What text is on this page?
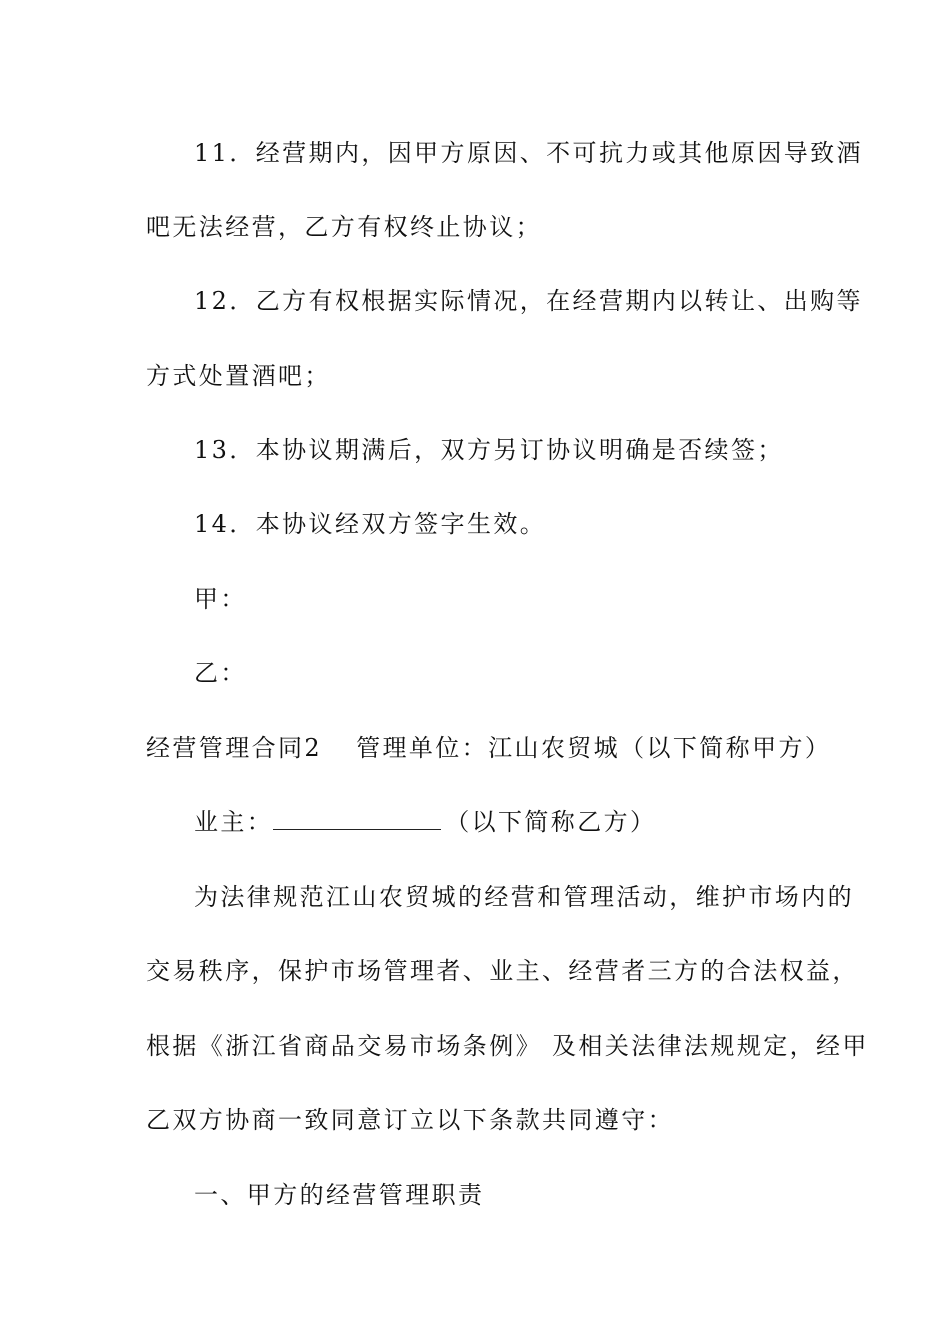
11．经营期内，因甲方原因、不可抗力或其他原因导致酒
吧无法经营，乙方有权终止协议；
12．乙方有权根据实际情况，在经营期内以转让、出购等
方式处置酒吧；
13．本协议期满后，双方另订协议明确是否续签；
14．本协议经双方签字生效。
甲：
乙：
经营管理合同2 管理单位：江山农贸城（以下简称甲方）
业主：	（以下简称乙方）
为法律规范江山农贸城的经营和管理活动，维护市场内的
交易秩序，保护市场管理者、业主、经营者三方的合法权益，
根据《浙江省商品交易市场条例》 及相关法律法规规定，经甲
乙双方协商一致同意订立以下条款共同遵守：
一、甲方的经营管理职责
